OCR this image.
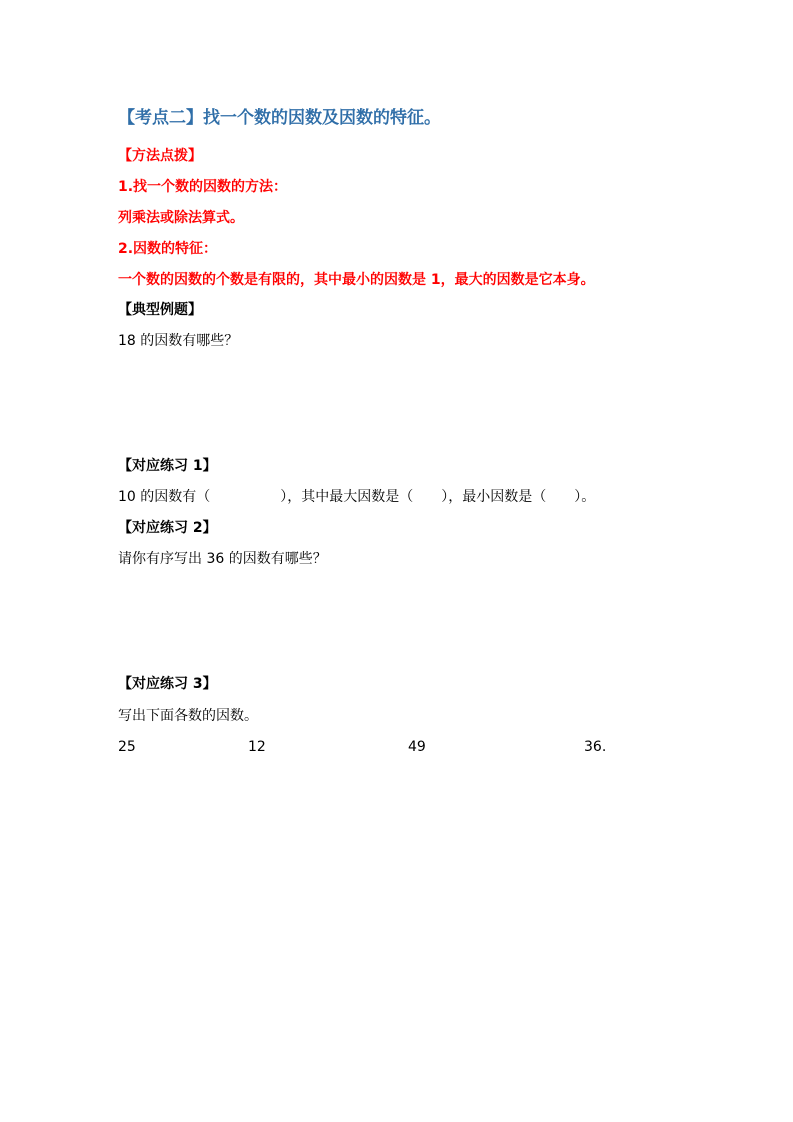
【考点二】找一个数的因数及因数的特征。
【方法点拨】
1.找一个数的因数的方法：
列乘法或除法算式。
2.因数的特征：
一个数的因数的个数是有限的，其中最小的因数是 1，最大的因数是它本身。
【典型例题】
18 的因数有哪些？
【对应练习 1】
10 的因数有（　　　　　），其中最大因数是（　　），最小因数是（　　）。
【对应练习 2】
请你有序写出 36 的因数有哪些？
【对应练习 3】
写出下面各数的因数。
25	12	49	36.
